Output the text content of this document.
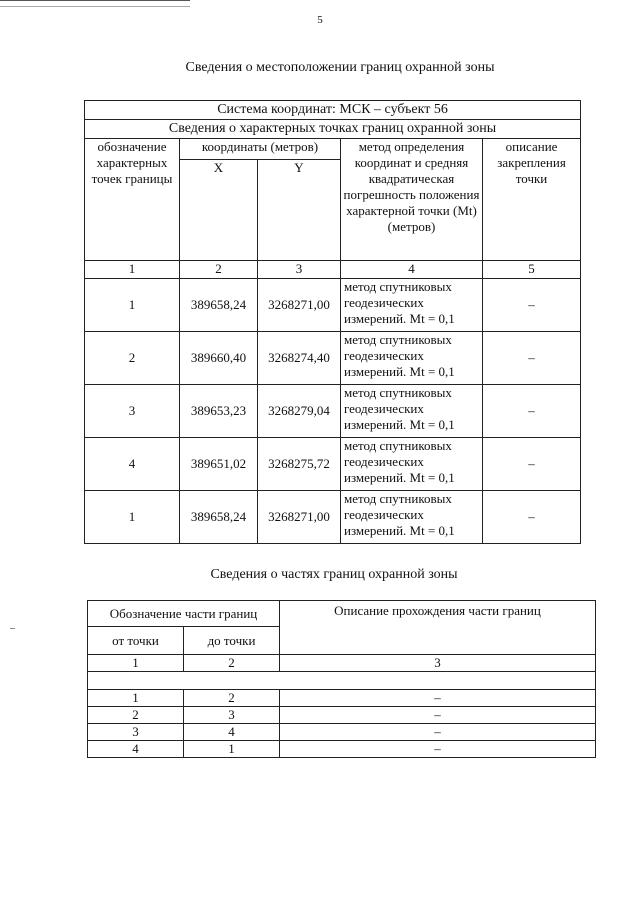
5
Сведения о местоположении границ охранной зоны
Система координат: МСК – субъект 56				
Сведения о характерных точках границ охранной зоны				
обозначение характерных точек границы	координаты (метров)		метод определения координат и средняя квадратическая погрешность положения характерной точки (Mt) (метров)	описание закрепления точки
	X	Y		
1	2	3	4	5
1	389658,24	3268271,00	метод спутниковых геодезических измерений. Mt = 0,1	–
2	389660,40	3268274,40	метод спутниковых геодезических измерений. Mt = 0,1	–
3	389653,23	3268279,04	метод спутниковых геодезических измерений. Mt = 0,1	–
4	389651,02	3268275,72	метод спутниковых геодезических измерений. Mt = 0,1	–
1	389658,24	3268271,00	метод спутниковых геодезических измерений. Mt = 0,1	–
Сведения о частях границ охранной зоны
Обозначение части границ		Описание прохождения части границ
от точки	до точки	
1	2	3

1	2	–
2	3	–
3	4	–
4	1	–
